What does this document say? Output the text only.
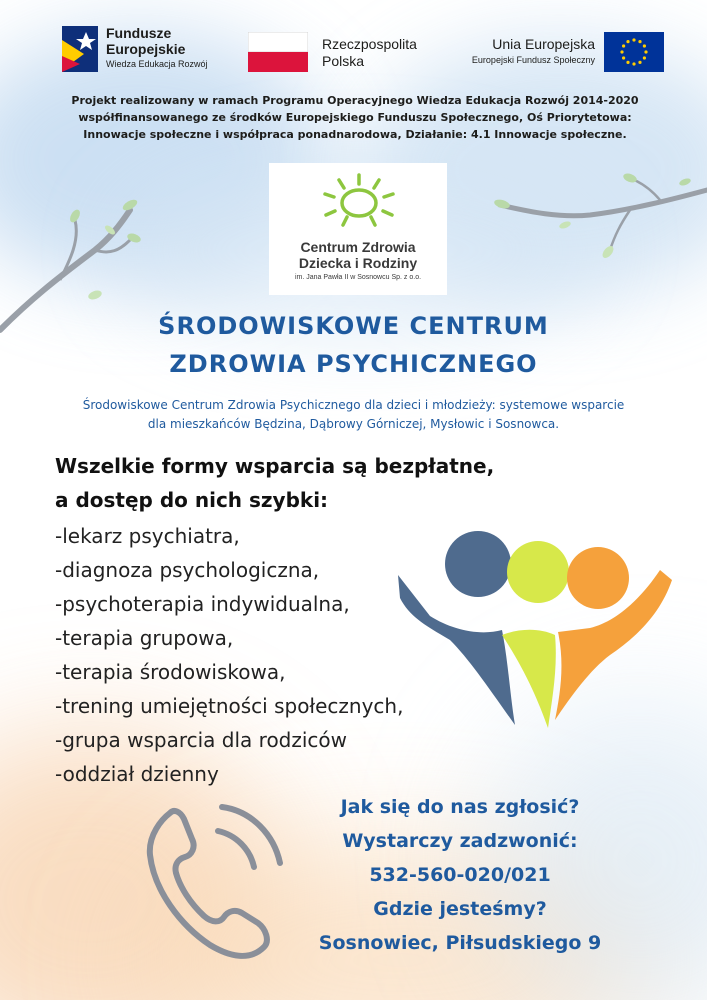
Fundusze
Europejskie
Wiedza Edukacja Rozwój
Rzeczpospolita
Polska
Unia Europejska
Europejski Fundusz Społeczny
Projekt realizowany w ramach Programu Operacyjnego Wiedza Edukacja Rozwój 2014-2020
współfinansowanego ze środków Europejskiego Funduszu Społecznego, Oś Priorytetowa:
Innowacje społeczne i współpraca ponadnarodowa, Działanie: 4.1 Innowacje społeczne.
Centrum Zdrowia
Dziecka i Rodziny
im. Jana Pawła II w Sosnowcu Sp. z o.o.
ŚRODOWISKOWE CENTRUM
ZDROWIA PSYCHICZNEGO
Środowiskowe Centrum Zdrowia Psychicznego dla dzieci i młodzieży: systemowe wsparcie
dla mieszkańców Będzina, Dąbrowy Górniczej, Mysłowic i Sosnowca.
Wszelkie formy wsparcia są bezpłatne,
a dostęp do nich szybki:
-lekarz psychiatra,
-diagnoza psychologiczna,
-psychoterapia indywidualna,
-terapia grupowa,
-terapia środowiskowa,
-trening umiejętności społecznych,
-grupa wsparcia dla rodziców
-oddział dzienny
Jak się do nas zgłosić?
Wystarczy zadzwonić:
532-560-020/021
Gdzie jesteśmy?
Sosnowiec, Piłsudskiego 9
